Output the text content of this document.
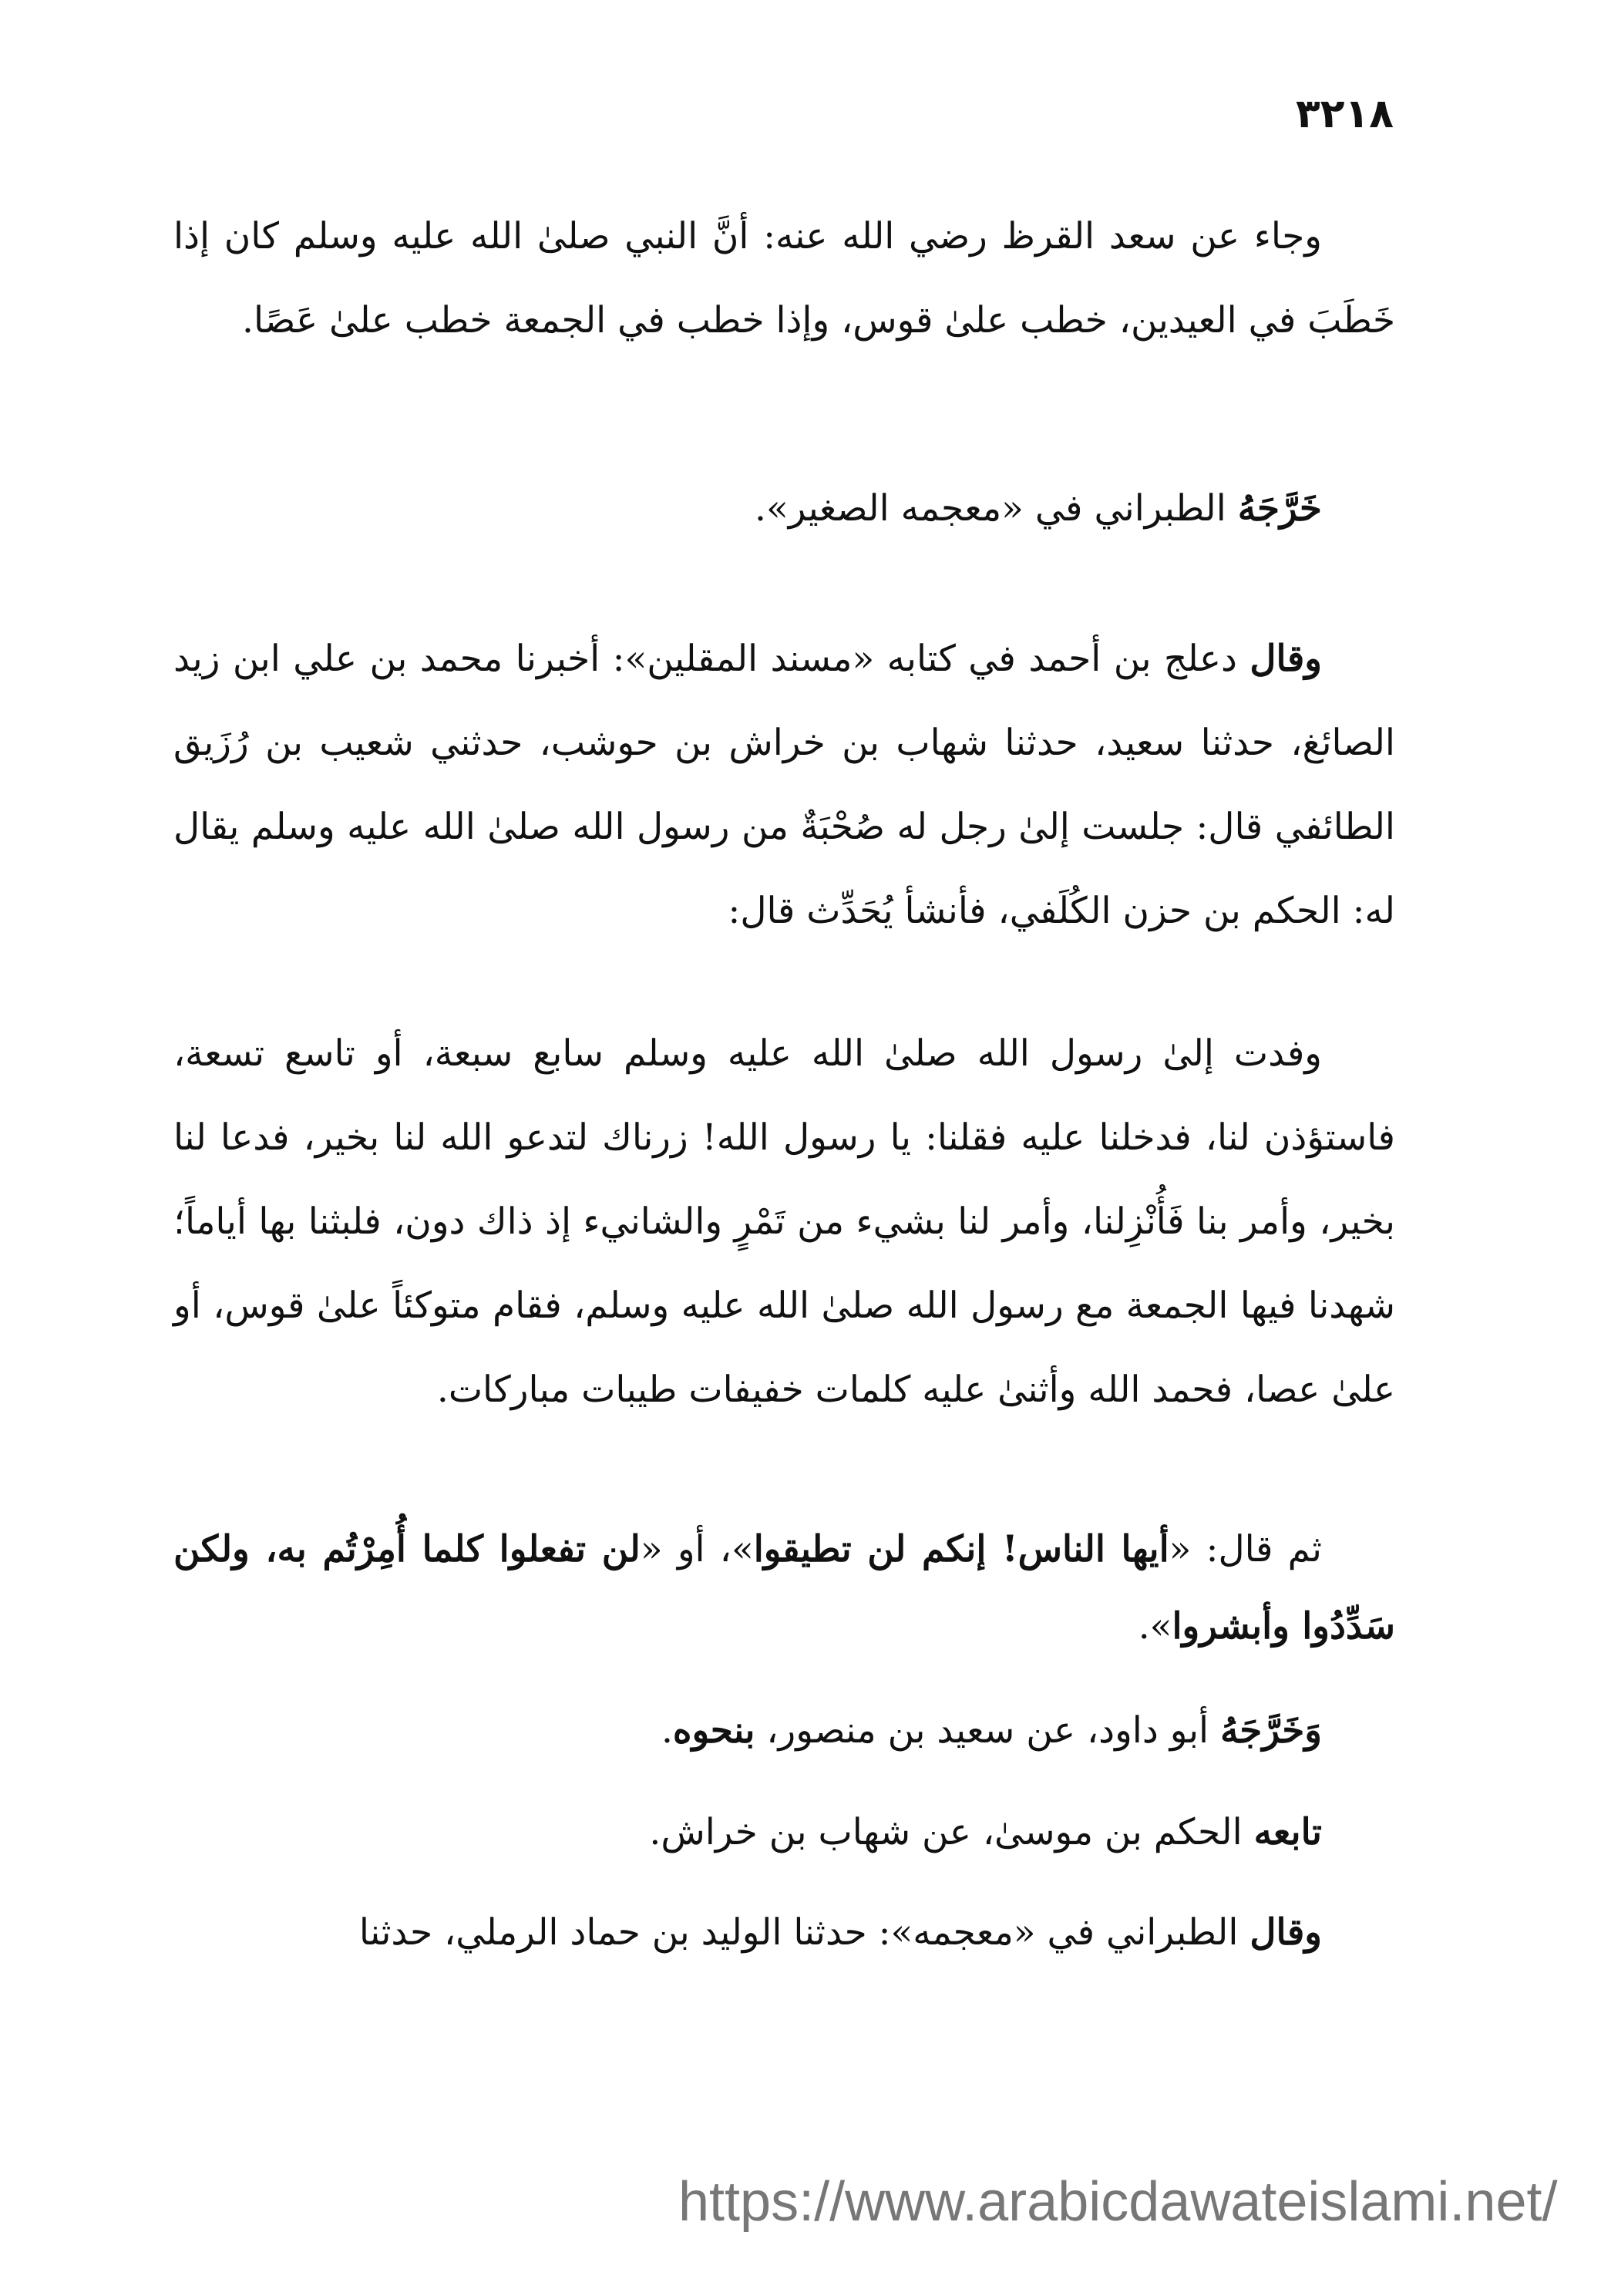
٣٢١٨

وجاء عن سعد القرظ رضي الله عنه: أنَّ النبي صلىٰ الله عليه وسلم كان إذا خَطَبَ في العيدين، خطب علىٰ قوس، وإذا خطب في الجمعة خطب علىٰ عَصًا.

خَرَّجَهُ الطبراني في «معجمه الصغير».

وقال دعلج بن أحمد في كتابه «مسند المقلين»: أخبرنا محمد بن علي ابن زيد الصائغ، حدثنا سعيد، حدثنا شهاب بن خراش بن حوشب، حدثني شعيب بن رُزَيق الطائفي قال: جلست إلىٰ رجل له صُحْبَةٌ من رسول الله صلىٰ الله عليه وسلم يقال له: الحكم بن حزن الكُلَفي، فأنشأ يُحَدِّث قال:

وفدت إلىٰ رسول الله صلىٰ الله عليه وسلم سابع سبعة، أو تاسع تسعة، فاستؤذن لنا، فدخلنا عليه فقلنا: يا رسول الله! زرناك لتدعو الله لنا بخير، فدعا لنا بخير، وأمر بنا فَأُنْزِلنا، وأمر لنا بشيء من تَمْرٍ والشانيء إذ ذاك دون، فلبثنا بها أياماً؛ شهدنا فيها الجمعة مع رسول الله صلىٰ الله عليه وسلم، فقام متوكئاً علىٰ قوس، أو علىٰ عصا، فحمد الله وأثنىٰ عليه كلمات خفيفات طيبات مباركات.

ثم قال: «أيها الناس! إنكم لن تطيقوا»، أو «لن تفعلوا كلما أُمِرْتُم به، ولكن سَدِّدُوا وأبشروا».

وَخَرَّجَهُ أبو داود، عن سعيد بن منصور، بنحوه.

تابعه الحكم بن موسىٰ، عن شهاب بن خراش.

وقال الطبراني في «معجمه»: حدثنا الوليد بن حماد الرملي، حدثنا

https://www.arabicdawateislami.net/
